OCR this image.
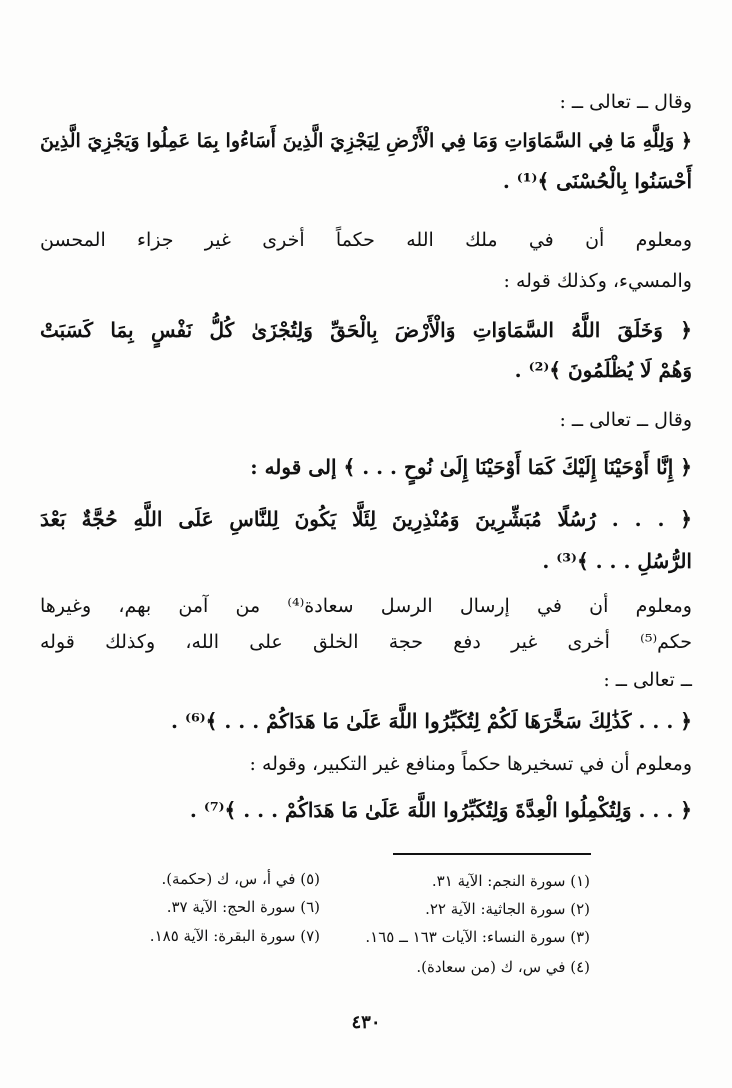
وقال ــ تعالى ــ :
﴿ وَلِلَّهِ مَا فِي السَّمَاوَاتِ وَمَا فِي الْأَرْضِ لِيَجْزِيَ الَّذِينَ أَسَاءُوا بِمَا عَمِلُوا وَيَجْزِيَ الَّذِينَ
أَحْسَنُوا بِالْحُسْنَى ﴾⁽¹⁾ .
ومعلوم أن في ملك الله حكماً أخرى غير جزاء المحسن
والمسيء، وكذلك قوله :
﴿ وَخَلَقَ اللَّهُ السَّمَاوَاتِ وَالْأَرْضَ بِالْحَقِّ وَلِتُجْزَىٰ كُلُّ نَفْسٍ بِمَا كَسَبَتْ
وَهُمْ لَا يُظْلَمُونَ ﴾⁽²⁾ .
وقال ــ تعالى ــ :
﴿ إِنَّا أَوْحَيْنَا إِلَيْكَ كَمَا أَوْحَيْنَا إِلَىٰ نُوحٍ . . . ﴾ إلى قوله :
﴿ . . . رُسُلًا مُبَشِّرِينَ وَمُنْذِرِينَ لِئَلَّا يَكُونَ لِلنَّاسِ عَلَى اللَّهِ حُجَّةٌ بَعْدَ
الرُّسُلِ . . . ﴾⁽³⁾ .
ومعلوم أن في إرسال الرسل سعادة⁽⁴⁾ من آمن بهم، وغيرها
حكم⁽⁵⁾ أخرى غير دفع حجة الخلق على الله، وكذلك قوله
ــ تعالى ــ :
﴿ . . . كَذَٰلِكَ سَخَّرَهَا لَكُمْ لِتُكَبِّرُوا اللَّهَ عَلَىٰ مَا هَدَاكُمْ . . . ﴾⁽⁶⁾ .
ومعلوم أن في تسخيرها حكماً ومنافع غير التكبير، وقوله :
﴿ . . . وَلِتُكْمِلُوا الْعِدَّةَ وَلِتُكَبِّرُوا اللَّهَ عَلَىٰ مَا هَدَاكُمْ . . . ﴾⁽⁷⁾ .
(١) سورة النجم: الآية ٣١.
(٢) سورة الجاثية: الآية ٢٢.
(٣) سورة النساء: الآيات ١٦٣ ــ ١٦٥.
(٤) في س، ك (من سعادة).
(٥) في أ، س، ك (حكمة).
(٦) سورة الحج: الآية ٣٧.
(٧) سورة البقرة: الآية ١٨٥.
٤٣٠
